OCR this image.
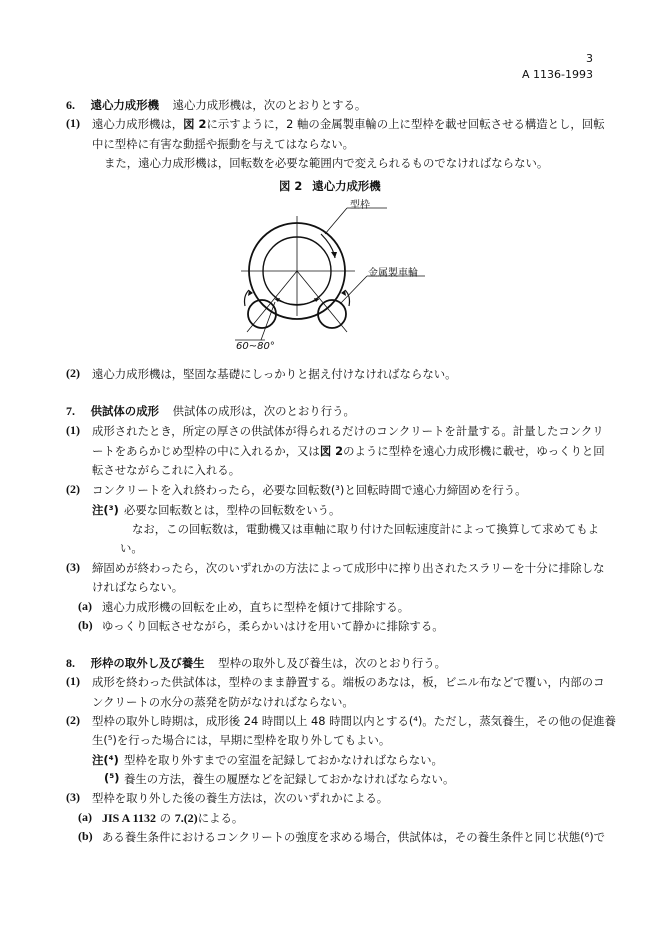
3
A 1136-1993
6. 遠心力成形機 遠心力成形機は，次のとおりとする。
(1) 遠心力成形機は，図 2に示すように，2 軸の金属製車輪の上に型枠を載せ回転させる構造とし，回転
中に型枠に有害な動揺や振動を与えてはならない。
また，遠心力成形機は，回転数を必要な範囲内で変えられるものでなければならない。
図 2 遠心力成形機
型枠
金属製車輪
60~80°
(2) 遠心力成形機は，堅固な基礎にしっかりと据え付けなければならない。
7. 供試体の成形 供試体の成形は，次のとおり行う。
(1) 成形されたとき，所定の厚さの供試体が得られるだけのコンクリートを計量する。計量したコンクリ
ートをあらかじめ型枠の中に入れるか，又は図 2のように型枠を遠心力成形機に載せ，ゆっくりと回
転させながらこれに入れる。
(2) コンクリートを入れ終わったら，必要な回転数(³)と回転時間で遠心力締固めを行う。
注(³) 必要な回転数とは，型枠の回転数をいう。
なお，この回転数は，電動機又は車軸に取り付けた回転速度計によって換算して求めてもよ
い。
(3) 締固めが終わったら，次のいずれかの方法によって成形中に搾り出されたスラリーを十分に排除しな
ければならない。
(a) 遠心力成形機の回転を止め，直ちに型枠を傾けて排除する。
(b) ゆっくり回転させながら，柔らかいはけを用いて静かに排除する。
8. 形枠の取外し及び養生 型枠の取外し及び養生は，次のとおり行う。
(1) 成形を終わった供試体は，型枠のまま静置する。端板のあなは，板，ビニル布などで覆い，内部のコ
ンクリートの水分の蒸発を防がなければならない。
(2) 型枠の取外し時期は，成形後 24 時間以上 48 時間以内とする(⁴)。ただし，蒸気養生，その他の促進養
生(⁵)を行った場合には，早期に型枠を取り外してもよい。
注(⁴) 型枠を取り外すまでの室温を記録しておかなければならない。
(⁵) 養生の方法，養生の履歴などを記録しておかなければならない。
(3) 型枠を取り外した後の養生方法は，次のいずれかによる。
(a) JIS A 1132 の 7.(2)による。
(b) ある養生条件におけるコンクリートの強度を求める場合，供試体は，その養生条件と同じ状態(⁶)で
